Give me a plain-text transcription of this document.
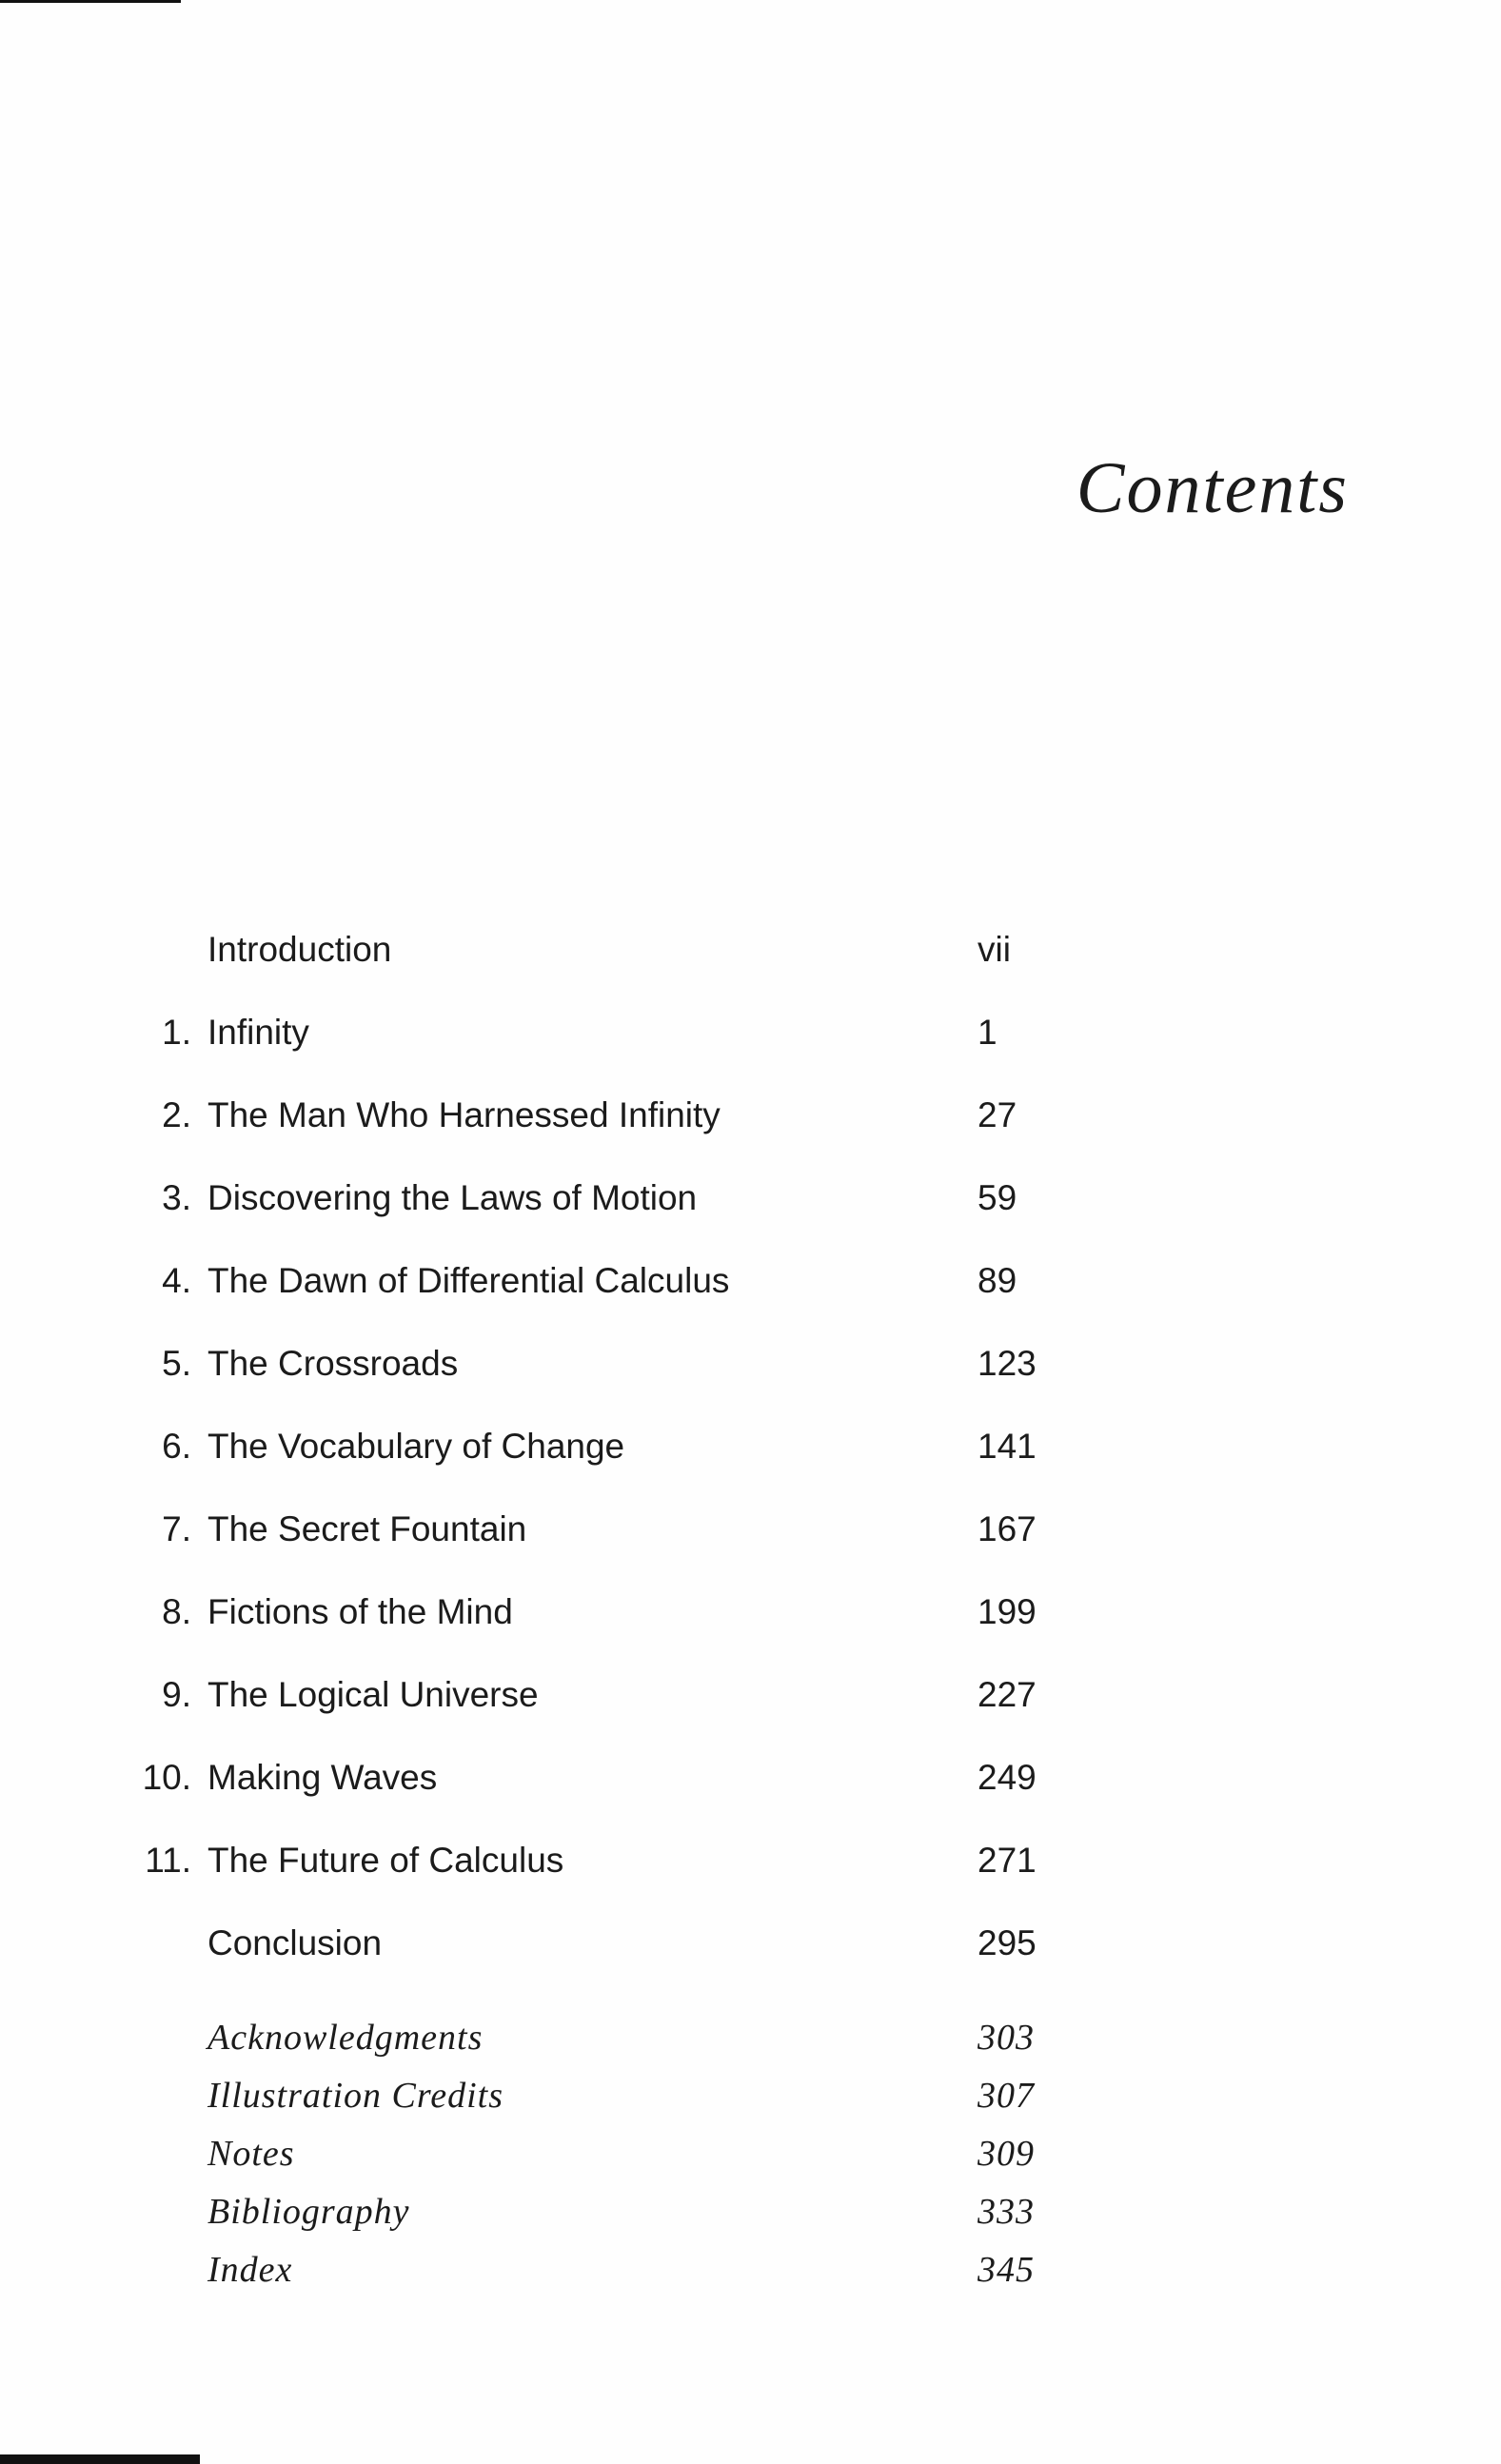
Contents
Introduction	vii
1. Infinity	1
2. The Man Who Harnessed Infinity	27
3. Discovering the Laws of Motion	59
4. The Dawn of Differential Calculus	89
5. The Crossroads	123
6. The Vocabulary of Change	141
7. The Secret Fountain	167
8. Fictions of the Mind	199
9. The Logical Universe	227
10. Making Waves	249
11. The Future of Calculus	271
Conclusion	295
Acknowledgments	303
Illustration Credits	307
Notes	309
Bibliography	333
Index	345
